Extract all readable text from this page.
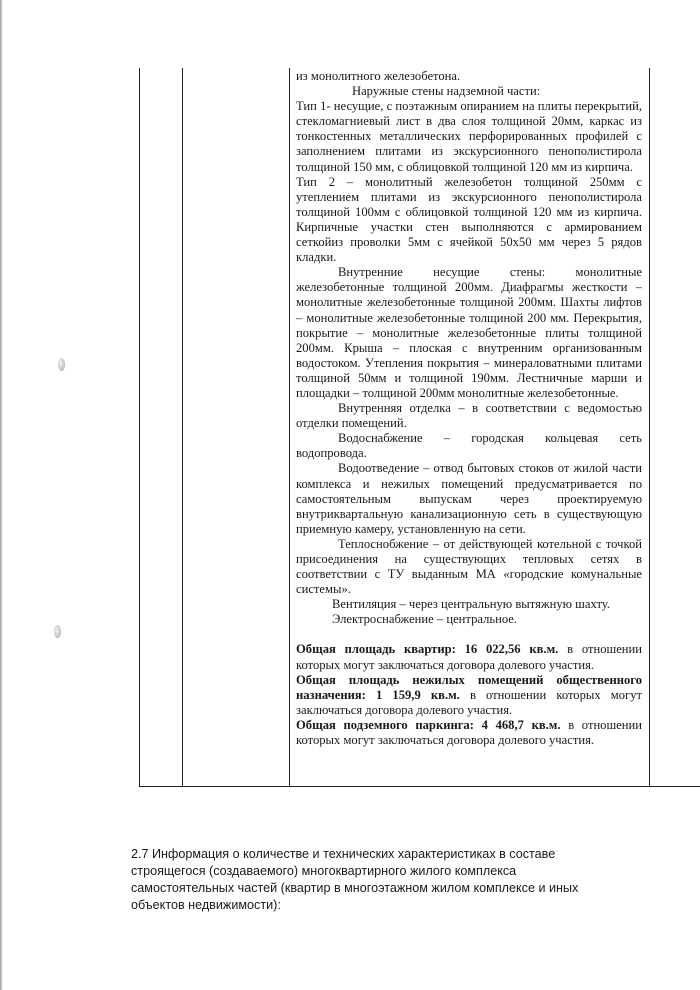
из монолитного железобетона.

Наружные стены надземной части:

Тип 1- несущие, с поэтажным опиранием на плиты перекрытий, стекломагниевый лист в два слоя толщиной 20мм, каркас из тонкостенных металлических перфорированных профилей с заполнением плитами из экскурсионного пенополистирола толщиной 150 мм, с облицовкой толщиной 120 мм из кирпича.

Тип 2 – монолитный железобетон толщиной 250мм с утеплением плитами из экскурсионного пенополистирола толщиной 100мм с облицовкой толщиной 120 мм из кирпича. Кирпичные участки стен выполняются с армированием сеткойиз проволки 5мм с ячейкой 50х50 мм через 5 рядов кладки.

Внутренние несущие стены: монолитные железобетонные толщиной 200мм. Диафрагмы жесткости – монолитные железобетонные толщиной 200мм. Шахты лифтов – монолитные железобетонные толщиной 200 мм. Перекрытия, покрытие – монолитные железобетонные плиты толщиной 200мм. Крыша – плоская с внутренним организованным водостоком. Утепления покрытия – минераловатными плитами толщиной 50мм и толщиной 190мм. Лестничные марши и площадки – толщиной 200мм монолитные железобетонные.

Внутренняя отделка – в соответствии с ведомостью отделки помещений.

Водоснабжение – городская кольцевая сеть водопровода.

Водоотведение – отвод бытовых стоков от жилой части комплекса и нежилых помещений предусматривается по самостоятельным выпускам через проектируемую внутриквартальную канализационную сеть в существующую приемную камеру, установленную на сети.

Теплоснобжение – от действующей котельной с точкой присоединения на существующих тепловых сетях в соответствии с ТУ выданным МА «городские комунальные системы».

Вентиляция – через центральную вытяжную шахту.

Электроснабжение – центральное.

Общая площадь квартир: 16 022,56 кв.м. в отношении которых могут заключаться договора долевого участия.

Общая площадь нежилых помещений общественного назначения: 1 159,9 кв.м. в отношении которых могут заключаться договора долевого участия.

Общая подземного паркинга: 4 468,7 кв.м. в отношении которых могут заключаться договора долевого участия.

2.7 Информация о количестве и технических характеристиках в составе строящегося (создаваемого) многоквартирного жилого комплекса самостоятельных частей (квартир в многоэтажном жилом комплексе и иных объектов недвижимости):
